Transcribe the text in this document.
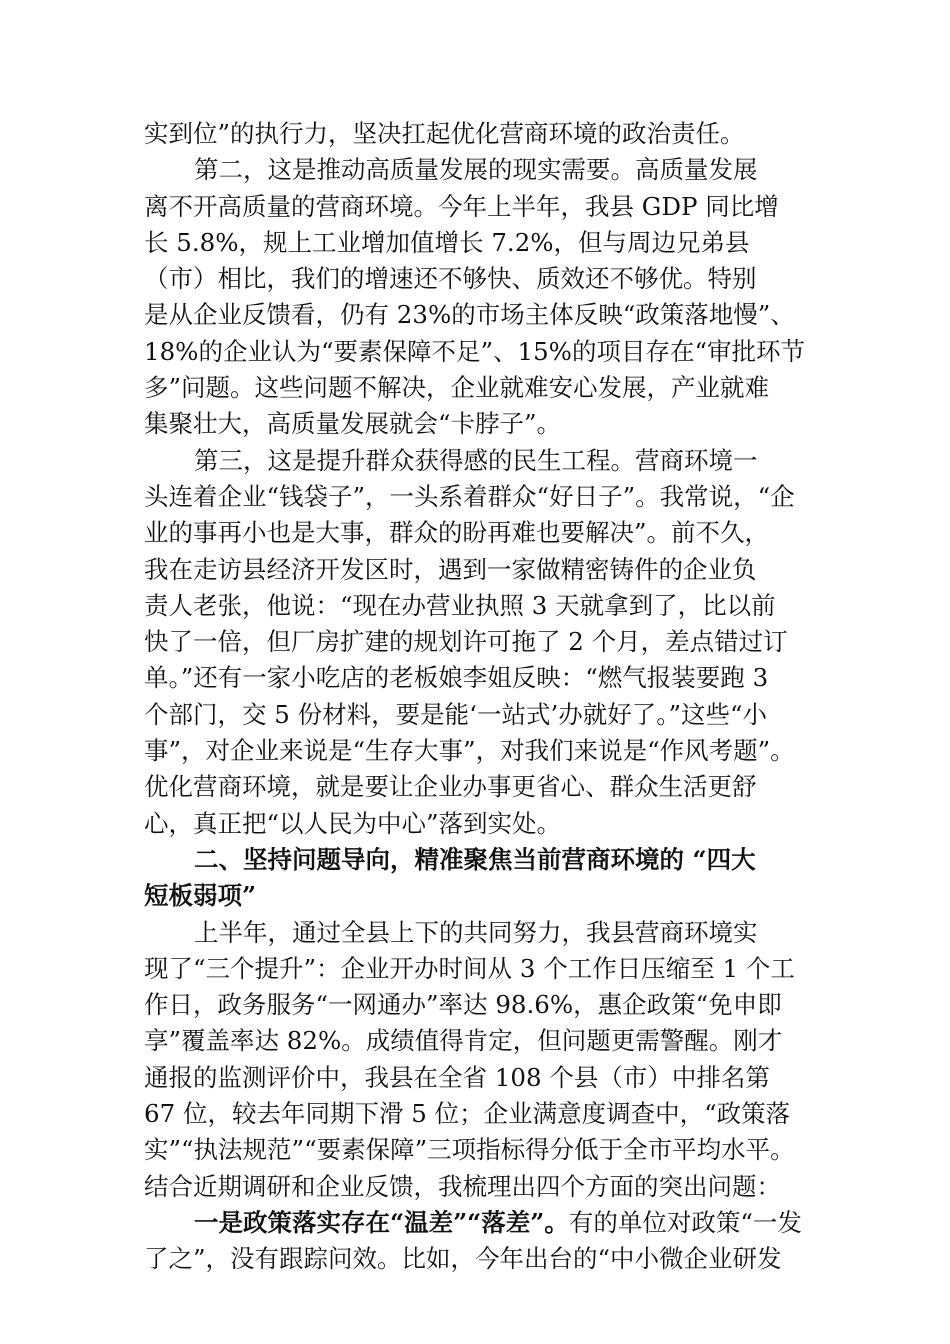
实到位”的执行力，坚决扛起优化营商环境的政治责任。
第二，这是推动高质量发展的现实需要。高质量发展
离不开高质量的营商环境。今年上半年，我县 GDP 同比增
长 5.8%，规上工业增加值增长 7.2%，但与周边兄弟县
（市）相比，我们的增速还不够快、质效还不够优。特别
是从企业反馈看，仍有 23%的市场主体反映“政策落地慢”、
18%的企业认为“要素保障不足”、15%的项目存在“审批环节
多”问题。这些问题不解决，企业就难安心发展，产业就难
集聚壮大，高质量发展就会“卡脖子”。
第三，这是提升群众获得感的民生工程。营商环境一
头连着企业“钱袋子”，一头系着群众“好日子”。我常说，“企
业的事再小也是大事，群众的盼再难也要解决”。前不久，
我在走访县经济开发区时，遇到一家做精密铸件的企业负
责人老张，他说：“现在办营业执照 3 天就拿到了，比以前
快了一倍，但厂房扩建的规划许可拖了 2 个月，差点错过订
单。”还有一家小吃店的老板娘李姐反映：“燃气报装要跑 3
个部门，交 5 份材料，要是能‘一站式’办就好了。”这些“小
事”，对企业来说是“生存大事”，对我们来说是“作风考题”。
优化营商环境，就是要让企业办事更省心、群众生活更舒
心，真正把“以人民为中心”落到实处。
二、坚持问题导向，精准聚焦当前营商环境的 “四大
短板弱项”
上半年，通过全县上下的共同努力，我县营商环境实
现了“三个提升”：企业开办时间从 3 个工作日压缩至 1 个工
作日，政务服务“一网通办”率达 98.6%，惠企政策“免申即
享”覆盖率达 82%。成绩值得肯定，但问题更需警醒。刚才
通报的监测评价中，我县在全省 108 个县（市）中排名第
67 位，较去年同期下滑 5 位；企业满意度调查中，“政策落
实”“执法规范”“要素保障”三项指标得分低于全市平均水平。
结合近期调研和企业反馈，我梳理出四个方面的突出问题：
一是政策落实存在“温差”“落差”。有的单位对政策“一发
了之”，没有跟踪问效。比如，今年出台的“中小微企业研发
